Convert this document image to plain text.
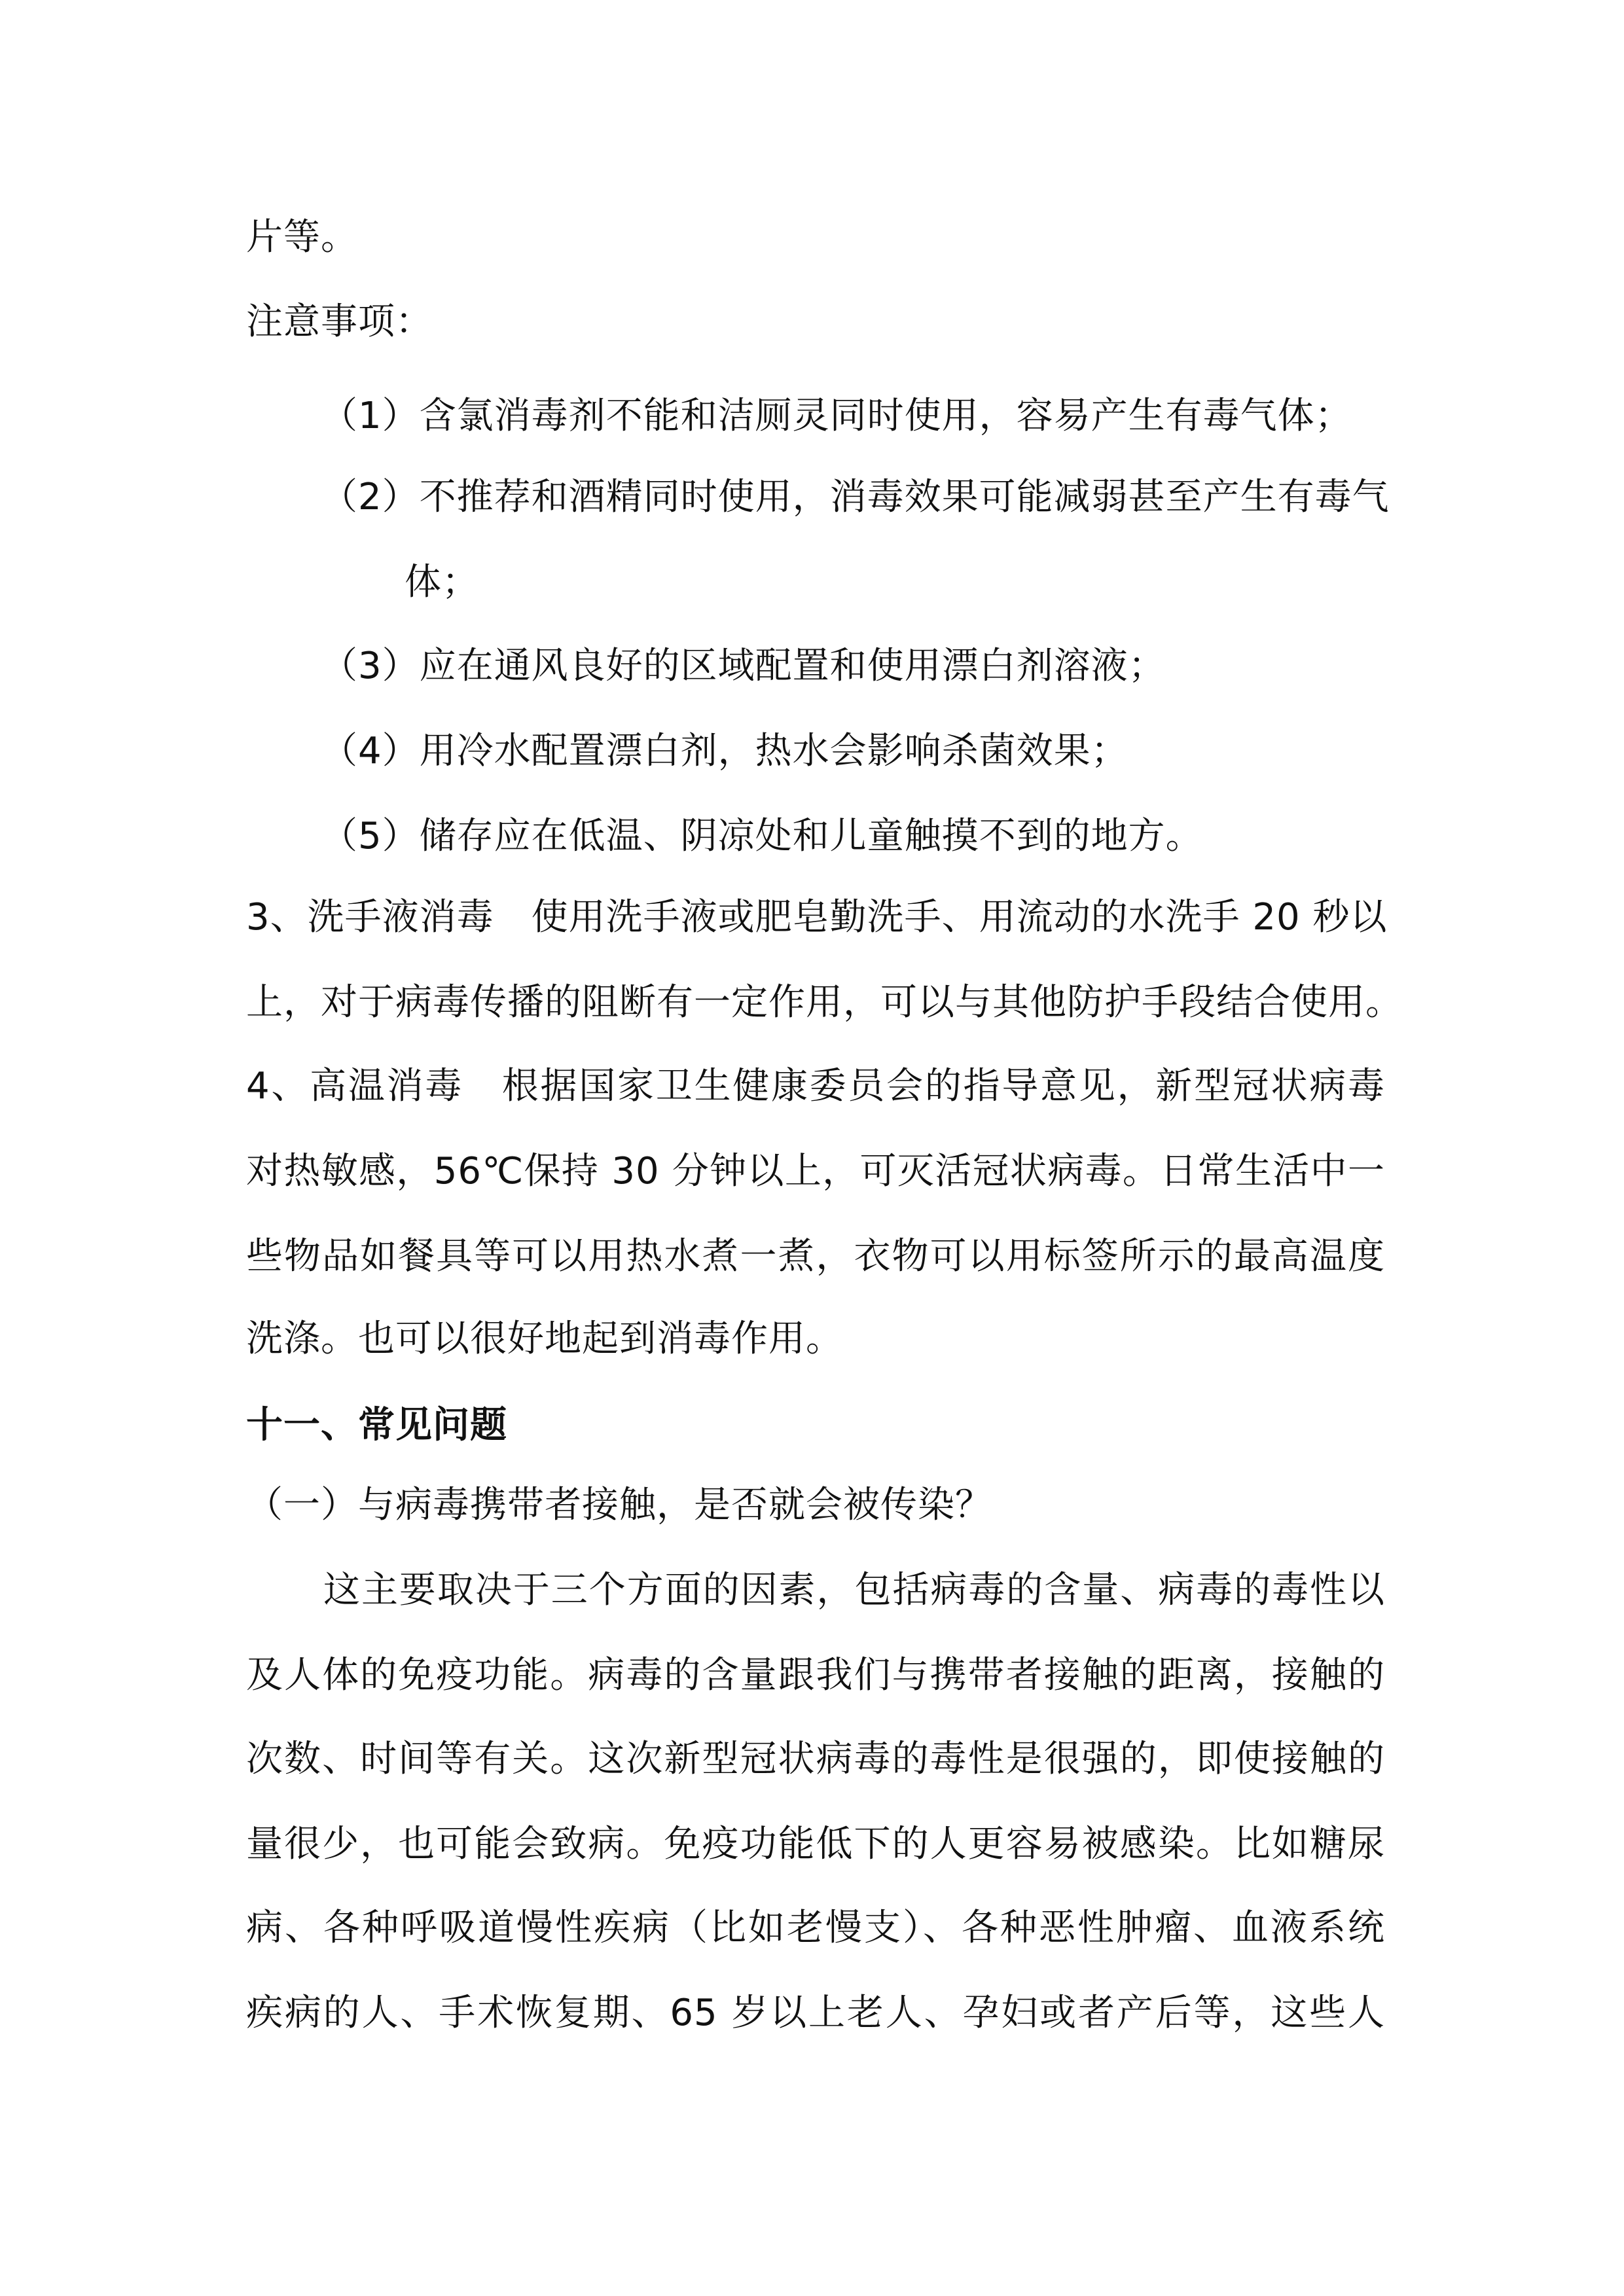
片等。
注意事项：
（1）含氯消毒剂不能和洁厕灵同时使用，容易产生有毒气体；
（2）不推荐和酒精同时使用，消毒效果可能减弱甚至产生有毒气
体；
（3）应在通风良好的区域配置和使用漂白剂溶液；
（4）用冷水配置漂白剂，热水会影响杀菌效果；
（5）储存应在低温、阴凉处和儿童触摸不到的地方。
3、洗手液消毒　使用洗手液或肥皂勤洗手、用流动的水洗手 20 秒以
上，对于病毒传播的阻断有一定作用，可以与其他防护手段结合使用。
4、高温消毒　根据国家卫生健康委员会的指导意见，新型冠状病毒
对热敏感，56℃保持 30 分钟以上，可灭活冠状病毒。日常生活中一
些物品如餐具等可以用热水煮一煮，衣物可以用标签所示的最高温度
洗涤。也可以很好地起到消毒作用。
十一、常见问题
（一）与病毒携带者接触，是否就会被传染？
这主要取决于三个方面的因素，包括病毒的含量、病毒的毒性以
及人体的免疫功能。病毒的含量跟我们与携带者接触的距离，接触的
次数、时间等有关。这次新型冠状病毒的毒性是很强的，即使接触的
量很少，也可能会致病。免疫功能低下的人更容易被感染。比如糖尿
病、各种呼吸道慢性疾病（比如老慢支）、各种恶性肿瘤、血液系统
疾病的人、手术恢复期、65 岁以上老人、孕妇或者产后等，这些人
